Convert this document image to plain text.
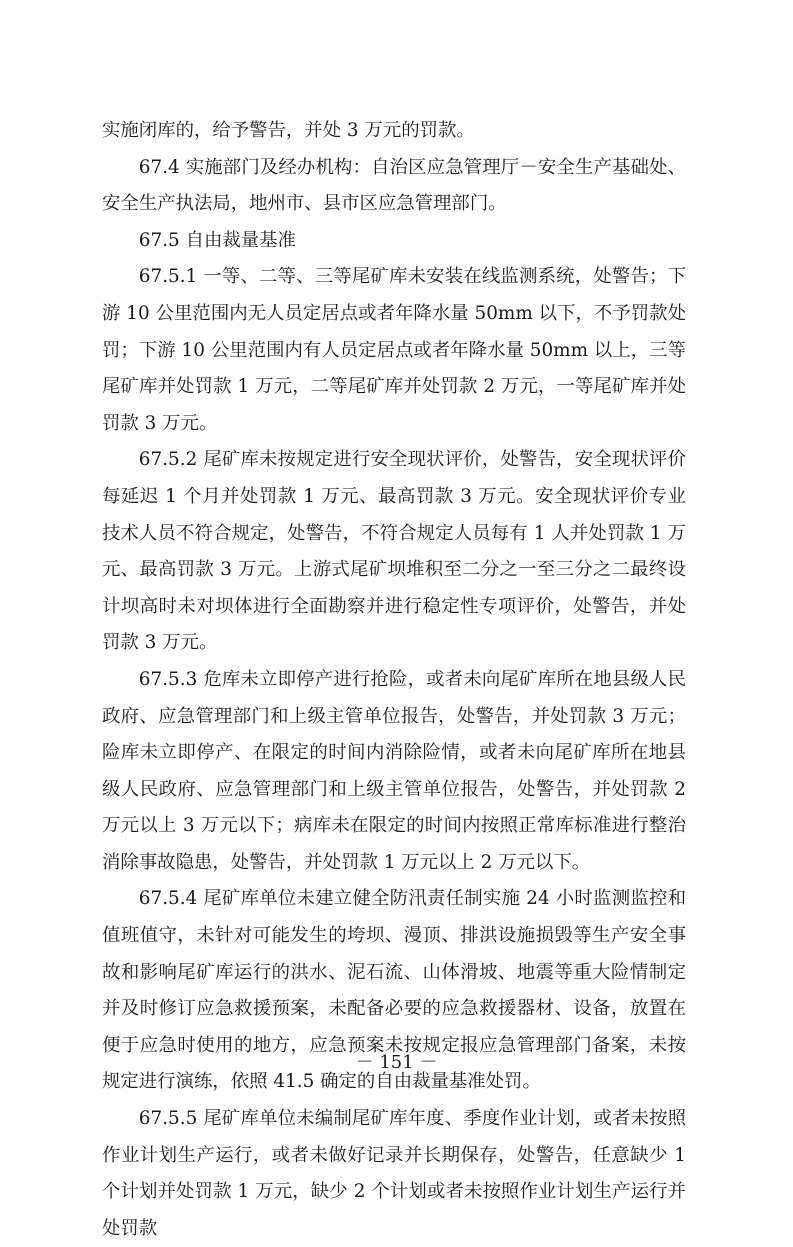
实施闭库的，给予警告，并处 3 万元的罚款。

67.4 实施部门及经办机构：自治区应急管理厅－安全生产基础处、安全生产执法局，地州市、县市区应急管理部门。

67.5 自由裁量基准

67.5.1 一等、二等、三等尾矿库未安装在线监测系统，处警告；下游 10 公里范围内无人员定居点或者年降水量 50mm 以下，不予罚款处罚；下游 10 公里范围内有人员定居点或者年降水量 50mm 以上，三等尾矿库并处罚款 1 万元，二等尾矿库并处罚款 2 万元，一等尾矿库并处罚款 3 万元。

67.5.2 尾矿库未按规定进行安全现状评价，处警告，安全现状评价每延迟 1 个月并处罚款 1 万元、最高罚款 3 万元。安全现状评价专业技术人员不符合规定，处警告，不符合规定人员每有 1 人并处罚款 1 万元、最高罚款 3 万元。上游式尾矿坝堆积至二分之一至三分之二最终设计坝高时未对坝体进行全面勘察并进行稳定性专项评价，处警告，并处罚款 3 万元。

67.5.3 危库未立即停产进行抢险，或者未向尾矿库所在地县级人民政府、应急管理部门和上级主管单位报告，处警告，并处罚款 3 万元；险库未立即停产、在限定的时间内消除险情，或者未向尾矿库所在地县级人民政府、应急管理部门和上级主管单位报告，处警告，并处罚款 2 万元以上 3 万元以下；病库未在限定的时间内按照正常库标准进行整治消除事故隐患，处警告，并处罚款 1 万元以上 2 万元以下。

67.5.4 尾矿库单位未建立健全防汛责任制实施 24 小时监测监控和值班值守，未针对可能发生的垮坝、漫顶、排洪设施损毁等生产安全事故和影响尾矿库运行的洪水、泥石流、山体滑坡、地震等重大险情制定并及时修订应急救援预案，未配备必要的应急救援器材、设备，放置在便于应急时使用的地方，应急预案未按规定报应急管理部门备案，未按规定进行演练，依照 41.5 确定的自由裁量基准处罚。

67.5.5 尾矿库单位未编制尾矿库年度、季度作业计划，或者未按照作业计划生产运行，或者未做好记录并长期保存，处警告，任意缺少 1 个计划并处罚款 1 万元，缺少 2 个计划或者未按照作业计划生产运行并处罚款

－ 151 －
